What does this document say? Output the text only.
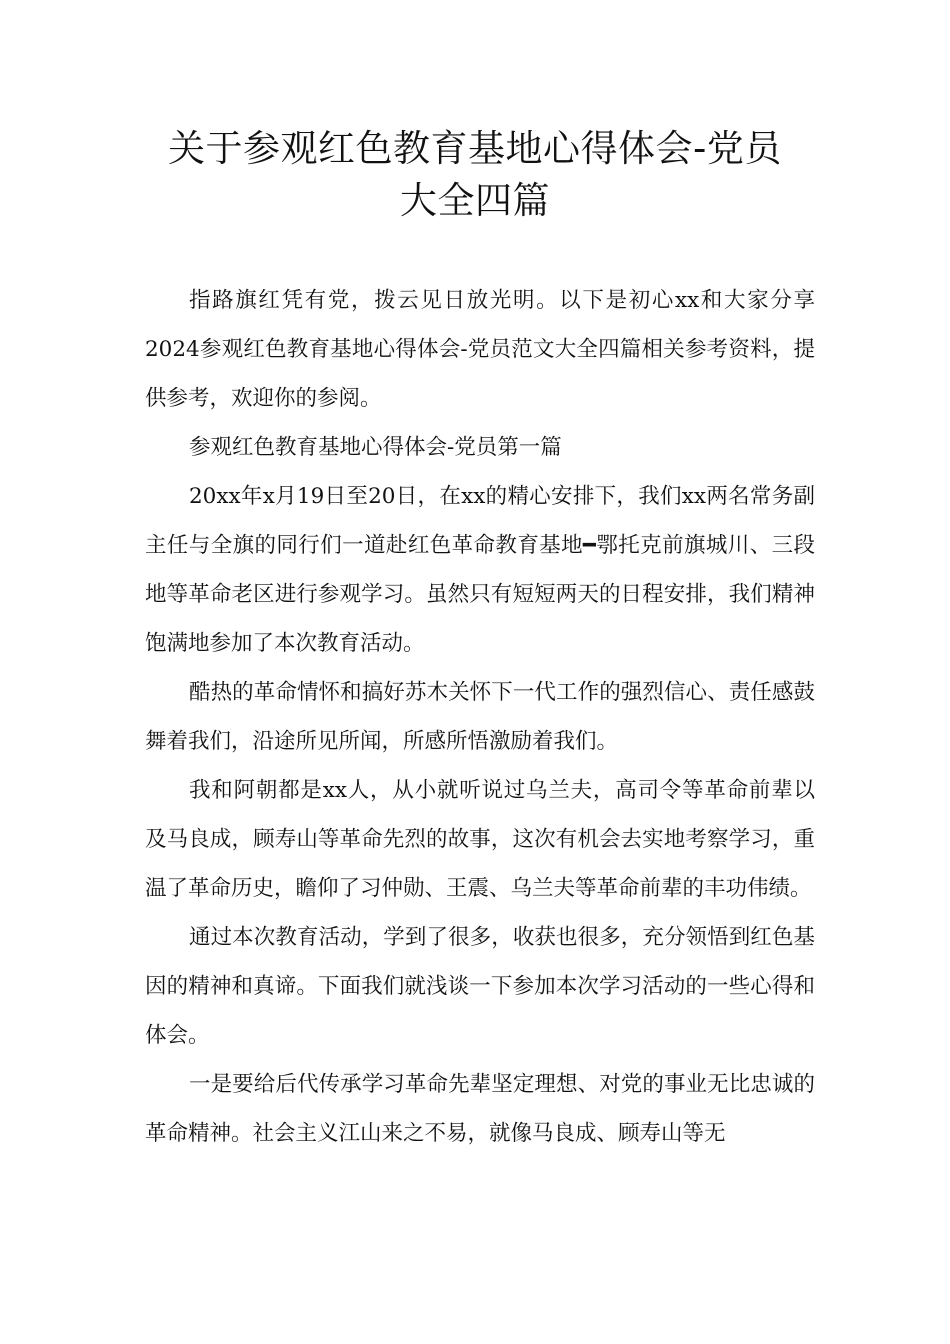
关于参观红色教育基地心得体会-党员
大全四篇

指路旗红凭有党，拨云见日放光明。以下是初心xx和大家分享2024参观红色教育基地心得体会-党员范文大全四篇相关参考资料，提供参考，欢迎你的参阅。

参观红色教育基地心得体会-党员第一篇

20xx年x月19日至20日，在xx的精心安排下，我们xx两名常务副主任与全旗的同行们一道赴红色革命教育基地━鄂托克前旗城川、三段地等革命老区进行参观学习。虽然只有短短两天的日程安排，我们精神饱满地参加了本次教育活动。

酷热的革命情怀和搞好苏木关怀下一代工作的强烈信心、责任感鼓舞着我们，沿途所见所闻，所感所悟激励着我们。

我和阿朝都是xx人，从小就听说过乌兰夫，高司令等革命前辈以及马良成，顾寿山等革命先烈的故事，这次有机会去实地考察学习，重温了革命历史，瞻仰了习仲勋、王震、乌兰夫等革命前辈的丰功伟绩。

通过本次教育活动，学到了很多，收获也很多，充分领悟到红色基因的精神和真谛。下面我们就浅谈一下参加本次学习活动的一些心得和体会。

一是要给后代传承学习革命先辈坚定理想、对党的事业无比忠诚的革命精神。社会主义江山来之不易，就像马良成、顾寿山等无
